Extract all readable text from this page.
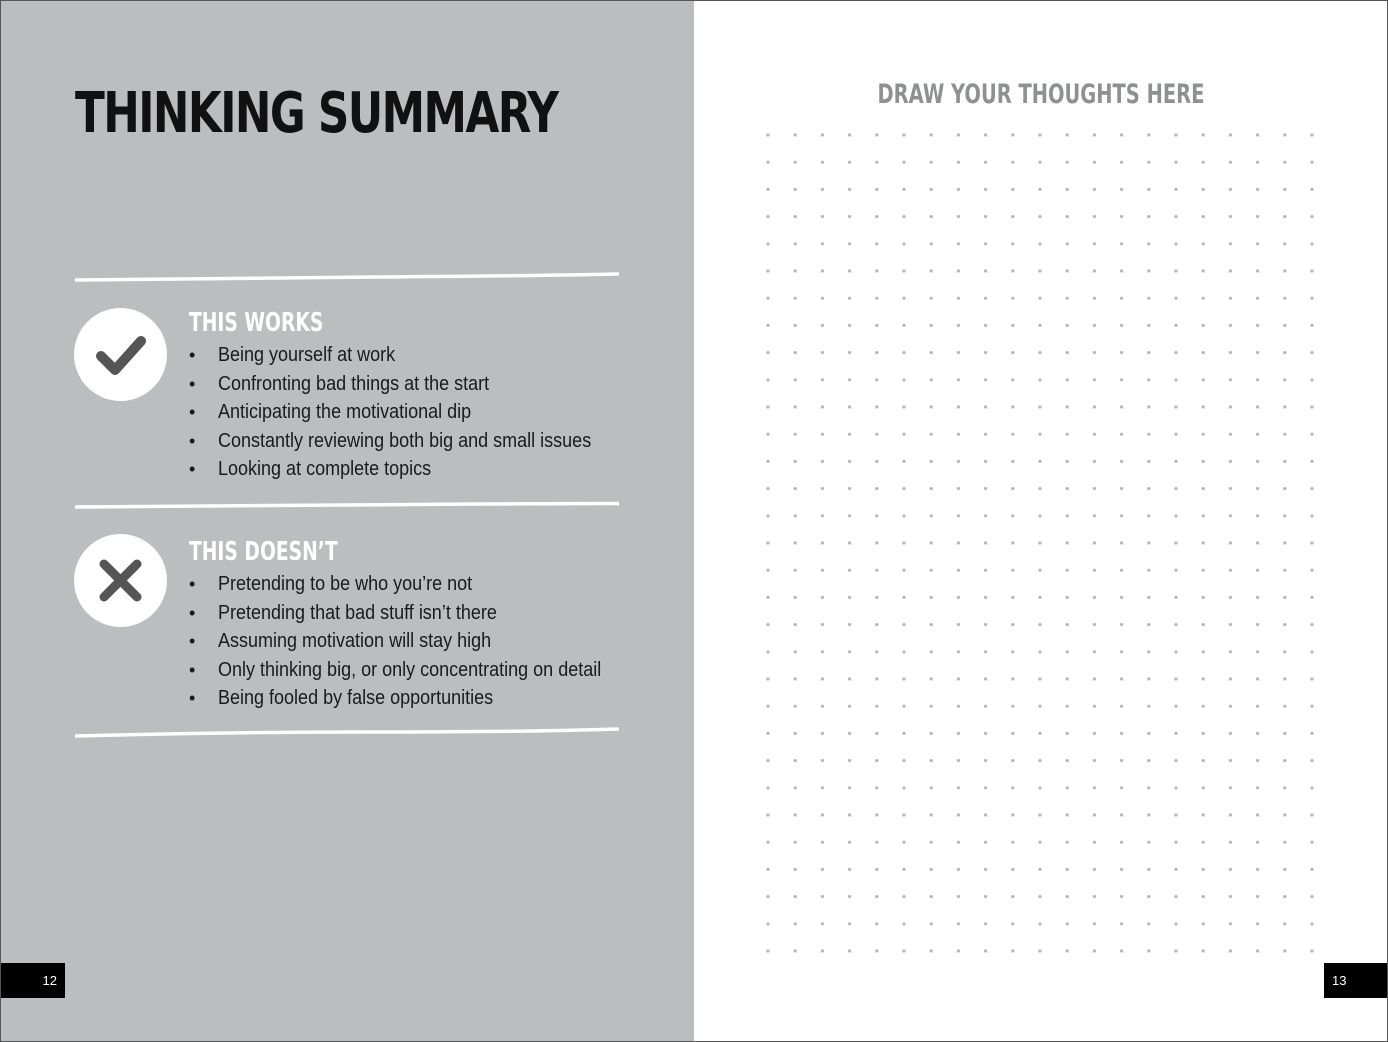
THINKING SUMMARY
THIS WORKS
• Being yourself at work
• Confronting bad things at the start
• Anticipating the motivational dip
• Constantly reviewing both big and small issues
• Looking at complete topics
THIS DOESN’T
• Pretending to be who you’re not
• Pretending that bad stuff isn’t there
• Assuming motivation will stay high
• Only thinking big, or only concentrating on detail
• Being fooled by false opportunities
12
DRAW YOUR THOUGHTS HERE
13
